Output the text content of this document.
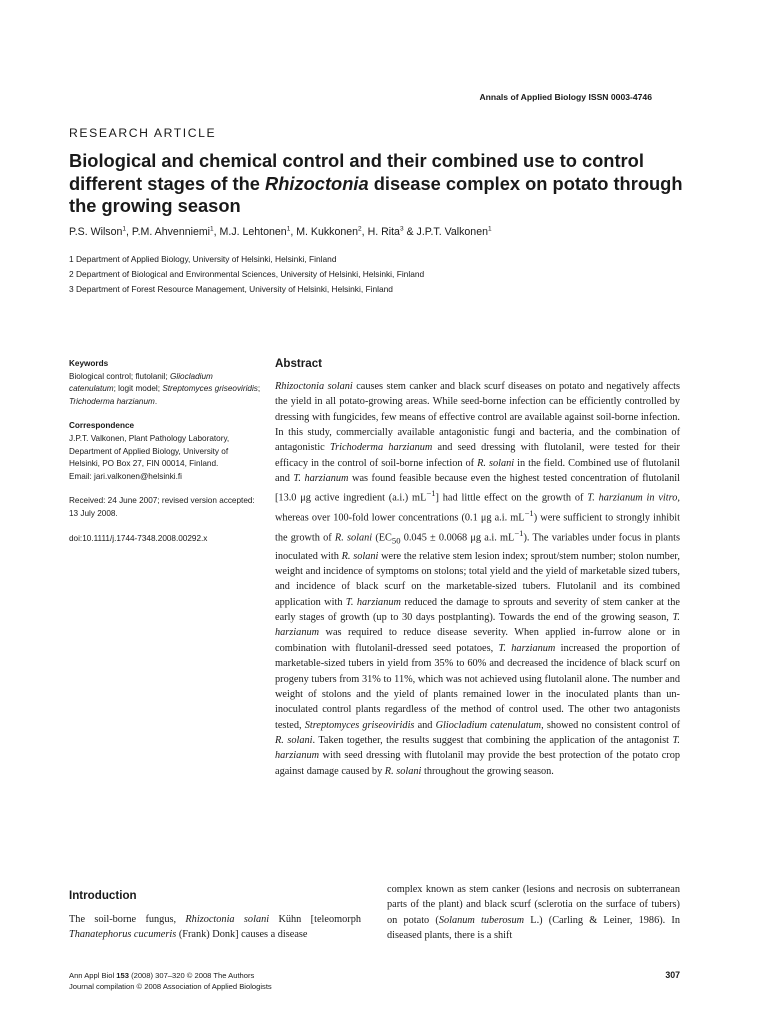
Annals of Applied Biology ISSN 0003-4746
RESEARCH ARTICLE
Biological and chemical control and their combined use to control different stages of the Rhizoctonia disease complex on potato through the growing season
P.S. Wilson$^1$, P.M. Ahvenniemi$^1$, M.J. Lehtonen$^1$, M. Kukkonen$^2$, H. Rita$^3$ & J.P.T. Valkonen$^1$
1 Department of Applied Biology, University of Helsinki, Helsinki, Finland
2 Department of Biological and Environmental Sciences, University of Helsinki, Helsinki, Finland
3 Department of Forest Resource Management, University of Helsinki, Helsinki, Finland
Keywords
Biological control; flutolanil; Gliocladium catenulatum; logit model; Streptomyces griseoviridis; Trichoderma harzianum.
Correspondence
J.P.T. Valkonen, Plant Pathology Laboratory, Department of Applied Biology, University of Helsinki, PO Box 27, FIN 00014, Finland.
Email: jari.valkonen@helsinki.fi
Received: 24 June 2007; revised version accepted: 13 July 2008.
doi:10.1111/j.1744-7348.2008.00292.x
Abstract

Rhizoctonia solani causes stem canker and black scurf diseases on potato and negatively affects the yield in all potato-growing areas. While seed-borne infection can be efficiently controlled by dressing with fungicides, few means of effective control are available against soil-borne infection. In this study, commercially available antagonistic fungi and bacteria, and the combination of antagonistic Trichoderma harzianum and seed dressing with flutolanil, were tested for their efficacy in the control of soil-borne infection of R. solani in the field. Combined use of flutolanil and T. harzianum was found feasible because even the highest tested concentration of flutolanil [13.0 μg active ingredient (a.i.) $mL^{-1}$] had little effect on the growth of T. harzianum in vitro, whereas over 100-fold lower concentrations (0.1 μg a.i. $mL^{-1}$) were sufficient to strongly inhibit the growth of R. solani ($EC_{50}$ 0.045 ± 0.0068 μg a.i. $mL^{-1}$). The variables under focus in plants inoculated with R. solani were the relative stem lesion index; sprout/stem number; stolon number, weight and incidence of symptoms on stolons; total yield and the yield of marketable sized tubers, and incidence of black scurf on the marketable-sized tubers. Flutolanil and its combined application with T. harzianum reduced the damage to sprouts and severity of stem canker at the early stages of growth (up to 30 days postplanting). Towards the end of the growing season, T. harzianum was required to reduce disease severity. When applied in-furrow alone or in combination with flutolanil-dressed seed potatoes, T. harzianum increased the proportion of marketable-sized tubers in yield from 35% to 60% and decreased the incidence of black scurf on progeny tubers from 31% to 11%, which was not achieved using flutolanil alone. The number and weight of stolons and the yield of plants remained lower in the inoculated plants than un-inoculated control plants regardless of the method of control used. The other two antagonists tested, Streptomyces griseoviridis and Gliocladium catenulatum, showed no consistent control of R. solani. Taken together, the results suggest that combining the application of the antagonist T. harzianum with seed dressing with flutolanil may provide the best protection of the potato crop against damage caused by R. solani throughout the growing season.

Introduction

The soil-borne fungus, Rhizoctonia solani Kühn [teleomorph Thanatephorus cucumeris (Frank) Donk] causes a disease

complex known as stem canker (lesions and necrosis on subterranean parts of the plant) and black scurf (sclerotia on the surface of tubers) on potato (Solanum tuberosum L.) (Carling & Leiner, 1986). In diseased plants, there is a shift

Ann Appl Biol 153 (2008) 307–320 © 2008 The Authors
Journal compilation © 2008 Association of Applied Biologists
307
